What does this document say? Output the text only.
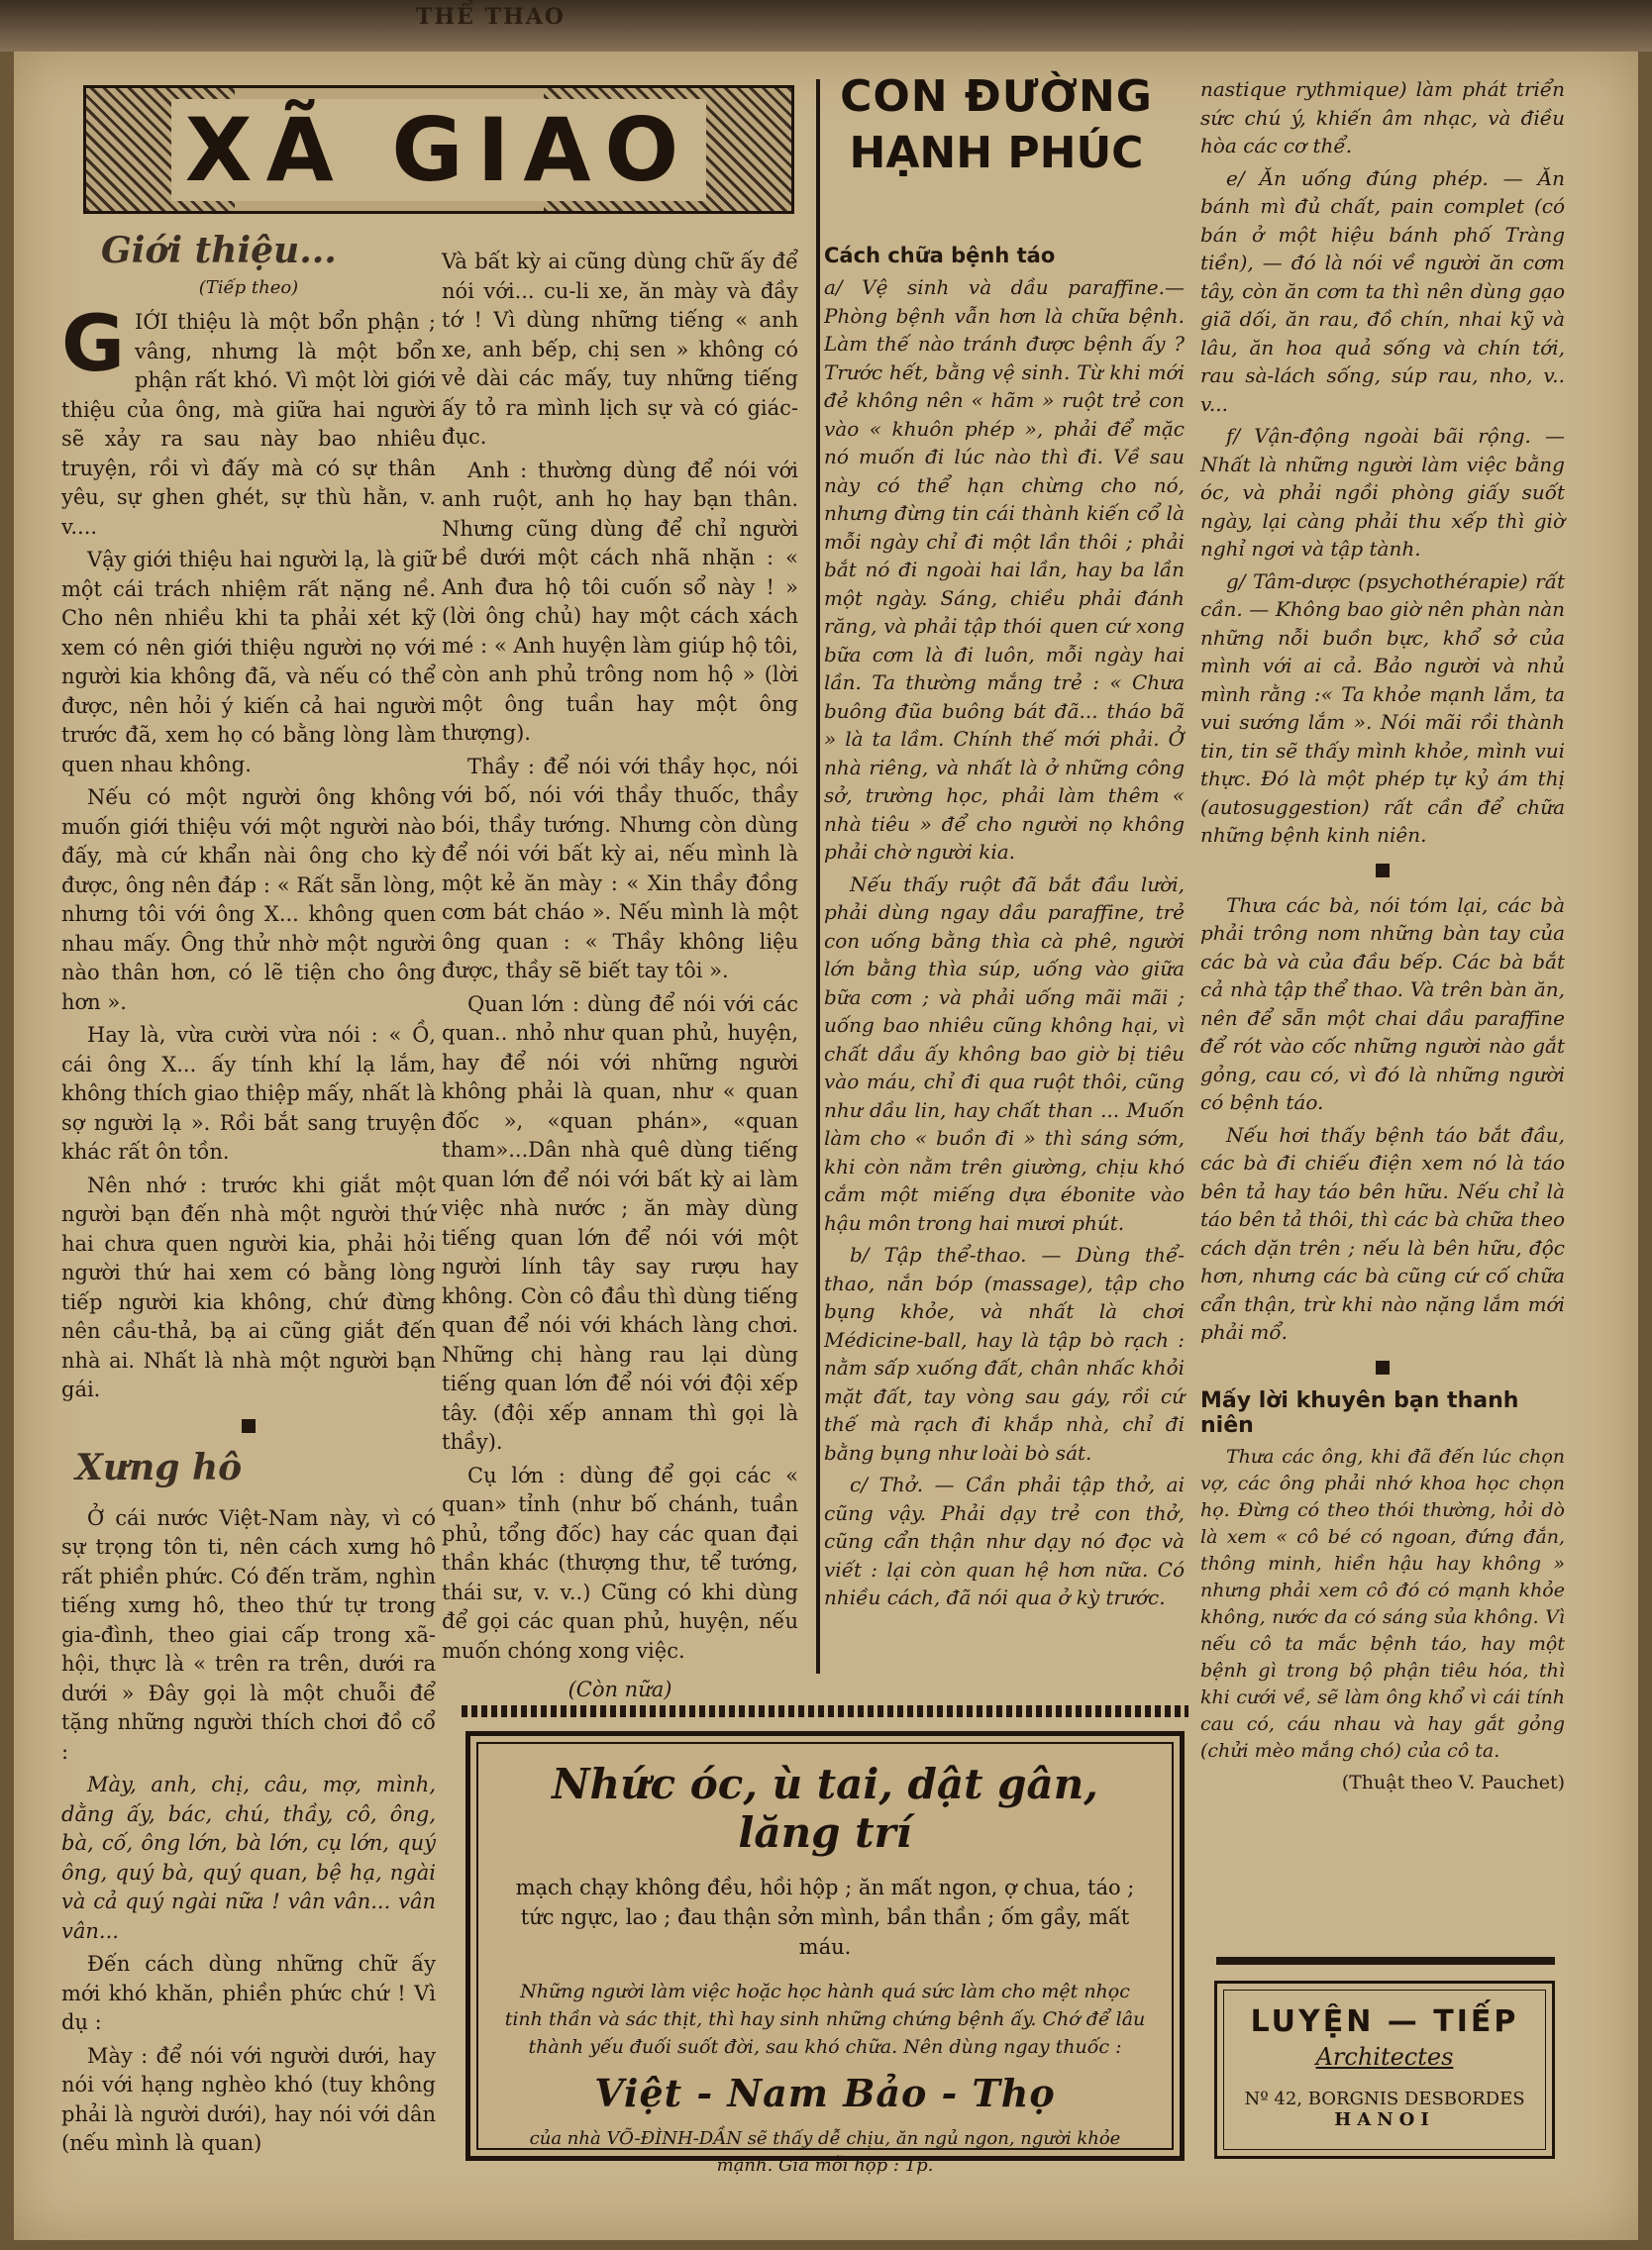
THỂ THAO
XÃ GIAO
Giới thiệu...
(Tiếp theo)

GIỚI thiệu là một bổn phận ; vâng, nhưng là một bổn phận rất khó. Vì một lời giới thiệu của ông, mà giữa hai người sẽ xảy ra sau này bao nhiêu truyện, rồi vì đấy mà có sự thân yêu, sự ghen ghét, sự thù hằn, v. v....

Vậy giới thiệu hai người lạ, là giữ một cái trách nhiệm rất nặng nề. Cho nên nhiều khi ta phải xét kỹ xem có nên giới thiệu người nọ với người kia không đã, và nếu có thể được, nên hỏi ý kiến cả hai người trước đã, xem họ có bằng lòng làm quen nhau không.

Nếu có một người ông không muốn giới thiệu với một người nào đấy, mà cứ khẩn nài ông cho kỳ được, ông nên đáp : « Rất sẵn lòng, nhưng tôi với ông X... không quen nhau mấy. Ông thử nhờ một người nào thân hơn, có lẽ tiện cho ông hơn ».

Hay là, vừa cười vừa nói : « Ồ, cái ông X... ấy tính khí lạ lắm, không thích giao thiệp mấy, nhất là sợ người lạ ». Rồi bắt sang truyện khác rất ôn tồn.

Nên nhớ : trước khi giắt một người bạn đến nhà một người thứ hai chưa quen người kia, phải hỏi người thứ hai xem có bằng lòng tiếp người kia không, chứ đừng nên cầu-thả, bạ ai cũng giắt đến nhà ai. Nhất là nhà một người bạn gái.

Xưng hô

Ở cái nước Việt-Nam này, vì có sự trọng tôn ti, nên cách xưng hô rất phiền phức. Có đến trăm, nghìn tiếng xưng hô, theo thứ tự trong gia-đình, theo giai cấp trong xã-hội, thực là « trên ra trên, dưới ra dưới » Đây gọi là một chuỗi để tặng những người thích chơi đồ cổ :

Mày, anh, chị, câu, mợ, mình, dằng ấy, bác, chú, thầy, cô, ông, bà, cố, ông lớn, bà lớn, cụ lớn, quý ông, quý bà, quý quan, bệ hạ, ngài và cả quý ngài nữa ! vân vân... vân vân...

Đến cách dùng những chữ ấy mới khó khăn, phiền phức chứ ! Vì dụ :

Mày : để nói với người dưới, hay nói với hạng nghèo khó (tuy không phải là người dưới), hay nói với dân (nếu mình là quan)

Và bất kỳ ai cũng dùng chữ ấy để nói với... cu-li xe, ăn mày và đầy tớ ! Vì dùng những tiếng « anh xe, anh bếp, chị sen » không có vẻ dài các mấy, tuy những tiếng ấy tỏ ra mình lịch sự và có giác-đục.

Anh : thường dùng để nói với anh ruột, anh họ hay bạn thân. Nhưng cũng dùng để chỉ người bề dưới một cách nhã nhặn : « Anh đưa hộ tôi cuốn sổ này ! » (lời ông chủ) hay một cách xách mé : « Anh huyện làm giúp hộ tôi, còn anh phủ trông nom hộ » (lời một ông tuần hay một ông thượng).

Thầy : để nói với thầy học, nói với bố, nói với thầy thuốc, thầy bói, thầy tướng. Nhưng còn dùng để nói với bất kỳ ai, nếu mình là một kẻ ăn mày : « Xin thầy đồng cơm bát cháo ». Nếu mình là một ông quan : « Thầy không liệu được, thầy sẽ biết tay tôi ».

Quan lớn : dùng để nói với các quan.. nhỏ như quan phủ, huyện, hay để nói với những người không phải là quan, như « quan đốc », «quan phán», «quan tham»...Dân nhà quê dùng tiếng quan lớn để nói với bất kỳ ai làm việc nhà nước ; ăn mày dùng tiếng quan lớn để nói với một người lính tây say rượu hay không. Còn cô đầu thì dùng tiếng quan để nói với khách làng chơi. Những chị hàng rau lại dùng tiếng quan lớn để nói với đội xếp tây. (đội xếp annam thì gọi là thầy).

Cụ lớn : dùng để gọi các « quan» tỉnh (như bố chánh, tuần phủ, tổng đốc) hay các quan đại thần khác (thượng thư, tể tướng, thái sư, v. v..) Cũng có khi dùng để gọi các quan phủ, huyện, nếu muốn chóng xong việc.

(Còn nữa)

CON ĐƯỜNG
HẠNH PHÚC
Cách chữa bệnh táo

a/ Vệ sinh và dầu paraffine.— Phòng bệnh vẫn hơn là chữa bệnh. Làm thế nào tránh được bệnh ấy ? Trước hết, bằng vệ sinh. Từ khi mới đẻ không nên « hãm » ruột trẻ con vào « khuôn phép », phải để mặc nó muốn đi lúc nào thì đi. Về sau này có thể hạn chừng cho nó, nhưng đừng tin cái thành kiến cổ là mỗi ngày chỉ đi một lần thôi ; phải bắt nó đi ngoài hai lần, hay ba lần một ngày. Sáng, chiều phải đánh răng, và phải tập thói quen cứ xong bữa cơm là đi luôn, mỗi ngày hai lần. Ta thường mắng trẻ : « Chưa buông đũa buông bát đã... tháo bã » là ta lầm. Chính thế mới phải. Ở nhà riêng, và nhất là ở những công sở, trường học, phải làm thêm « nhà tiêu » để cho người nọ không phải chờ người kia.

Nếu thấy ruột đã bắt đầu lười, phải dùng ngay dầu paraffine, trẻ con uống bằng thìa cà phê, người lớn bằng thìa súp, uống vào giữa bữa cơm ; và phải uống mãi mãi ; uống bao nhiêu cũng không hại, vì chất dầu ấy không bao giờ bị tiêu vào máu, chỉ đi qua ruột thôi, cũng như dầu lin, hay chất than ... Muốn làm cho « buồn đi » thì sáng sớm, khi còn nằm trên giường, chịu khó cắm một miếng dựa ébonite vào hậu môn trong hai mươi phút.

b/ Tập thể-thao. — Dùng thể-thao, nắn bóp (massage), tập cho bụng khỏe, và nhất là chơi Médicine-ball, hay là tập bò rạch : nằm sấp xuống đất, chân nhấc khỏi mặt đất, tay vòng sau gáy, rồi cứ thế mà rạch đi khắp nhà, chỉ đi bằng bụng như loài bò sát.

c/ Thở. — Cần phải tập thở, ai cũng vậy. Phải dạy trẻ con thở, cũng cẩn thận như dạy nó đọc và viết : lại còn quan hệ hơn nữa. Có nhiều cách, đã nói qua ở kỳ trước.

nastique rythmique) làm phát triển sức chú ý, khiến âm nhạc, và điều hòa các cơ thể.

e/ Ăn uống đúng phép. — Ăn bánh mì đủ chất, pain complet (có bán ở một hiệu bánh phố Tràng tiền), — đó là nói về người ăn cơm tây, còn ăn cơm ta thì nên dùng gạo giã dối, ăn rau, đồ chín, nhai kỹ và lâu, ăn hoa quả sống và chín tới, rau sà-lách sống, súp rau, nho, v.. v...

f/ Vận-động ngoài bãi rộng. — Nhất là những người làm việc bằng óc, và phải ngồi phòng giấy suốt ngày, lại càng phải thu xếp thì giờ nghỉ ngơi và tập tành.

g/ Tâm-dược (psychothérapie) rất cần. — Không bao giờ nên phàn nàn những nỗi buồn bực, khổ sở của mình với ai cả. Bảo người và nhủ mình rằng :« Ta khỏe mạnh lắm, ta vui sướng lắm ». Nói mãi rồi thành tin, tin sẽ thấy mình khỏe, mình vui thực. Đó là một phép tự kỷ ám thị (autosuggestion) rất cần để chữa những bệnh kinh niên.

Thưa các bà, nói tóm lại, các bà phải trông nom những bàn tay của các bà và của đầu bếp. Các bà bắt cả nhà tập thể thao. Và trên bàn ăn, nên để sẵn một chai dầu paraffine để rót vào cốc những người nào gắt gỏng, cau có, vì đó là những người có bệnh táo.

Nếu hơi thấy bệnh táo bắt đầu, các bà đi chiếu điện xem nó là táo bên tả hay táo bên hữu. Nếu chỉ là táo bên tả thôi, thì các bà chữa theo cách dặn trên ; nếu là bên hữu, độc hơn, nhưng các bà cũng cứ cố chữa cẩn thận, trừ khi nào nặng lắm mới phải mổ.

Mấy lời khuyên bạn thanh niên

Thưa các ông, khi đã đến lúc chọn vợ, các ông phải nhớ khoa học chọn họ. Đừng có theo thói thường, hỏi dò là xem « cô bé có ngoan, đứng đắn, thông minh, hiền hậu hay không » nhưng phải xem cô đó có mạnh khỏe không, nước da có sáng sủa không. Vì nếu cô ta mắc bệnh táo, hay một bệnh gì trong bộ phận tiêu hóa, thì khi cưới về, sẽ làm ông khổ vì cái tính cau có, cáu nhau và hay gắt gỏng (chửi mèo mắng chó) của cô ta.

(Thuật theo V. Pauchet)

Nhức óc, ù tai, dật gân, lăng trí

mạch chạy không đều, hồi hộp ; ăn mất ngon, ợ chua, táo ; tức ngực, lao ; đau thận sởn mình, bần thần ; ốm gầy, mất máu.

Những người làm việc hoặc học hành quá sức làm cho mệt nhọc tinh thần và sác thịt, thì hay sinh những chứng bệnh ấy. Chớ để lâu thành yếu đuối suốt đời, sau khó chữa. Nên dùng ngay thuốc :

Việt - Nam Bảo - Thọ

của nhà VÕ-ĐÌNH-DẦN sẽ thấy dễ chịu, ăn ngủ ngon, người khỏe mạnh. Giá mỗi hộp : 1p.

LUYỆN — TIẾP
Architectes
Nº 42, BORGNIS DESBORDES
HANOI
